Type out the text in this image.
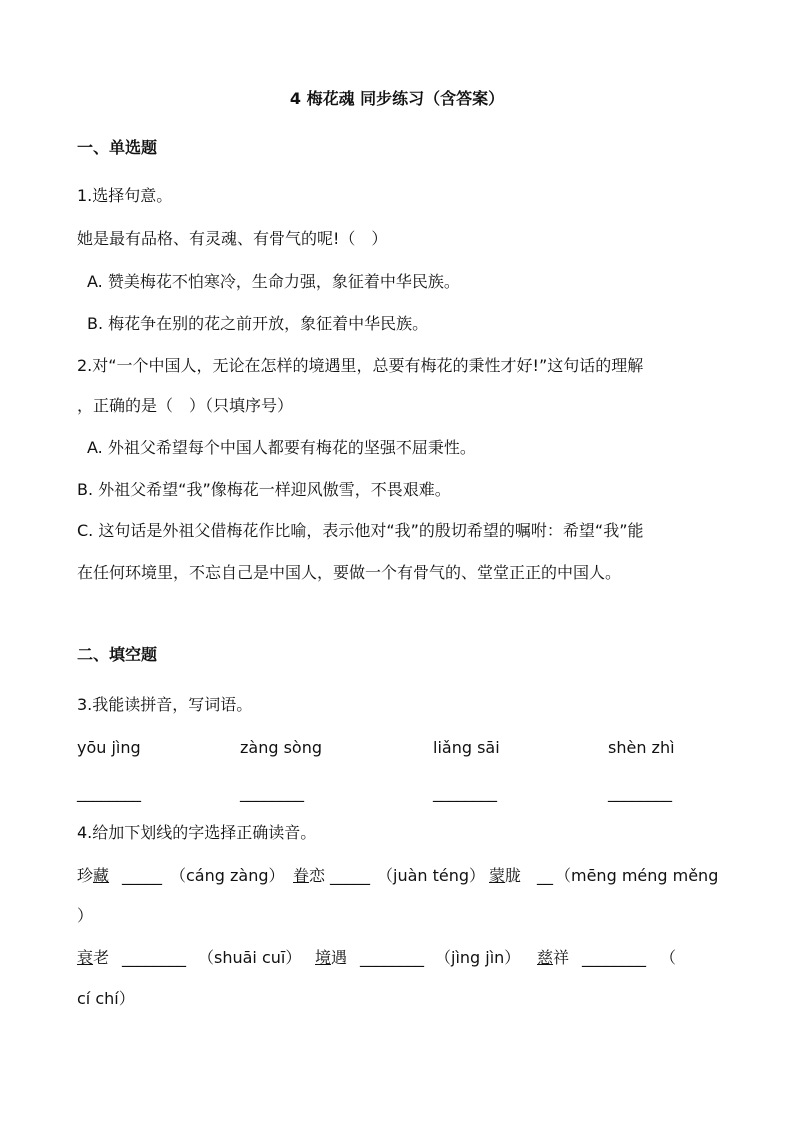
4 梅花魂 同步练习（含答案）
一、单选题
1.选择句意。
她是最有品格、有灵魂、有骨气的呢!（　）
A. 赞美梅花不怕寒冷，生命力强，象征着中华民族。
B. 梅花争在别的花之前开放，象征着中华民族。
2.对“一个中国人，无论在怎样的境遇里，总要有梅花的秉性才好!”这句话的理解
，正确的是（　）（只填序号）
A. 外祖父希望每个中国人都要有梅花的坚强不屈秉性。
B. 外祖父希望“我”像梅花一样迎风傲雪，不畏艰难。
C. 这句话是外祖父借梅花作比喻，表示他对“我”的殷切希望的嘱咐：希望“我”能
在任何环境里，不忘自己是中国人，要做一个有骨气的、堂堂正正的中国人。
二、填空题
3.我能读拼音，写词语。
yōu jìng	zàng sòng	liǎng sāi	shèn zhì
________	________	________	________
4.给加下划线的字选择正确读音。
珍藏 _____ （cáng zàng） 眷恋 _____ （juàn téng） 蒙胧 __ （mēng méng měng
）
衰老 ________ （shuāi cuī） 境遇 ________ （jìng jìn） 慈祥 ________ （
cí chí）
